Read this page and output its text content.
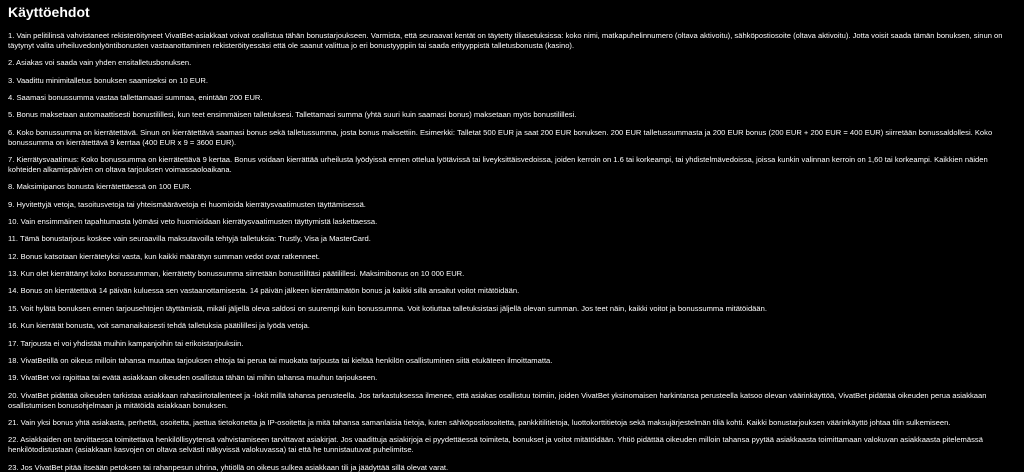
Käyttöehdot
1. Vain pelitilinsä vahvistaneet rekisteröityneet VivatBet-asiakkaat voivat osallistua tähän bonustarjoukseen. Varmista, että seuraavat kentät on täytetty tiliasetuksissa: koko nimi, matkapuhelinnumero (oltava aktivoitu), sähköpostiosoite (oltava aktivoitu). Jotta voisit saada tämän bonuksen, sinun on täytynyt valita urheiluvedonlyöntibonusten vastaanottaminen rekisteröityessäsi että ole saanut valittua jo eri bonustyyppiin tai saada erityyppistä talletusbonusta (kasino).
2. Asiakas voi saada vain yhden ensitalletusbonuksen.
3. Vaadittu minimitalletus bonuksen saamiseksi on 10 EUR.
4. Saamasi bonussumma vastaa tallettamaasi summaa, enintään 200 EUR.
5. Bonus maksetaan automaattisesti bonustilillesi, kun teet ensimmäisen talletuksesi. Tallettamasi summa (yhtä suuri kuin saamasi bonus) maksetaan myös bonustilillesi.
6. Koko bonussumma on kierrätettävä. Sinun on kierrätettävä saamasi bonus sekä talletussumma, josta bonus maksettiin. Esimerkki: Talletat 500 EUR ja saat 200 EUR bonuksen. 200 EUR talletussummasta ja 200 EUR bonus (200 EUR + 200 EUR = 400 EUR) siirretään bonussaldollesi. Koko bonussumma on kierrätettävä 9 kerrtaa (400 EUR x 9 = 3600 EUR).
7. Kierrätysvaatimus: Koko bonussumma on kierrätettävä 9 kertaa. Bonus voidaan kierrättää urheilusta lyödyissä ennen ottelua lyötävissä tai liveyksittäisvedoissa, joiden kerroin on 1.6 tai korkeampi, tai yhdistelmävedoissa, joissa kunkin valinnan kerroin on 1,60 tai korkeampi. Kaikkien näiden kohteiden alkamispäivien on oltava tarjouksen voimassaoloaikana.
8. Maksimipanos bonusta kierrätettäessä on 100 EUR.
9. Hyvitettyjä vetoja, tasoitusvetoja tai yhteismäärävetoja ei huomioida kierrätysvaatimusten täyttämisessä.
10. Vain ensimmäinen tapahtumasta lyömäsi veto huomioidaan kierrätysvaatimusten täyttymistä laskettaessa.
11. Tämä bonustarjous koskee vain seuraavilla maksutavoilla tehtyjä talletuksia: Trustly, Visa ja MasterCard.
12. Bonus katsotaan kierrätetyksi vasta, kun kaikki määrätyn summan vedot ovat ratkenneet.
13. Kun olet kierrättänyt koko bonussumman, kierrätetty bonussumma siirretään bonustililtäsi päätilillesi. Maksimibonus on 10 000 EUR.
14. Bonus on kierrätettävä 14 päivän kuluessa sen vastaanottamisesta. 14 päivän jälkeen kierrättämätön bonus ja kaikki sillä ansaitut voitot mitätöidään.
15. Voit hylätä bonuksen ennen tarjousehtojen täyttämistä, mikäli jäljellä oleva saldosi on suurempi kuin bonussumma. Voit kotiuttaa talletuksistasi jäljellä olevan summan. Jos teet näin, kaikki voitot ja bonussumma mitätöidään.
16. Kun kierrätät bonusta, voit samanaikaisesti tehdä talletuksia päätilillesi ja lyödä vetoja.
17. Tarjousta ei voi yhdistää muihin kampanjoihin tai erikoistarjouksiin.
18. VivatBetillä on oikeus milloin tahansa muuttaa tarjouksen ehtoja tai perua tai muokata tarjousta tai kieltää henkilön osallistuminen siitä etukäteen ilmoittamatta.
19. VivatBet voi rajoittaa tai evätä asiakkaan oikeuden osallistua tähän tai mihin tahansa muuhun tarjoukseen.
20. VivatBet pidättää oikeuden tarkistaa asiakkaan rahasiirtotallenteet ja -lokit millä tahansa perusteella. Jos tarkastuksessa ilmenee, että asiakas osallistuu toimiin, joiden VivatBet yksinomaisen harkintansa perusteella katsoo olevan väärinkäyttöä, VivatBet pidättää oikeuden perua asiakkaan osallistumisen bonusohjelmaan ja mitätöidä asiakkaan bonuksen.
21. Vain yksi bonus yhtä asiakasta, perhettä, osoitetta, jaettua tietokonetta ja IP-osoitetta ja mitä tahansa samanlaisia tietoja, kuten sähköpostiosoitetta, pankkitilitietoja, luottokorttitietoja sekä maksujärjestelmän tiliä kohti. Kaikki bonustarjouksen väärinkäyttö johtaa tilin sulkemiseen.
22. Asiakkaiden on tarvittaessa toimitettava henkilöllisyytensä vahvistamiseen tarvittavat asiakirjat. Jos vaadittuja asiakirjoja ei pyydettäessä toimiteta, bonukset ja voitot mitätöidään. Yhtiö pidättää oikeuden milloin tahansa pyytää asiakkaasta toimittamaan valokuvan asiakkaasta pitelemässä henkilötodistustaan (asiakkaan kasvojen on oltava selvästi näkyvissä valokuvassa) tai että he tunnistautuvat puhelimitse.
23. Jos VivatBet pitää itseään petoksen tai rahanpesun uhrina, yhtiöllä on oikeus sulkea asiakkaan tili ja jäädyttää sillä olevat varat.
